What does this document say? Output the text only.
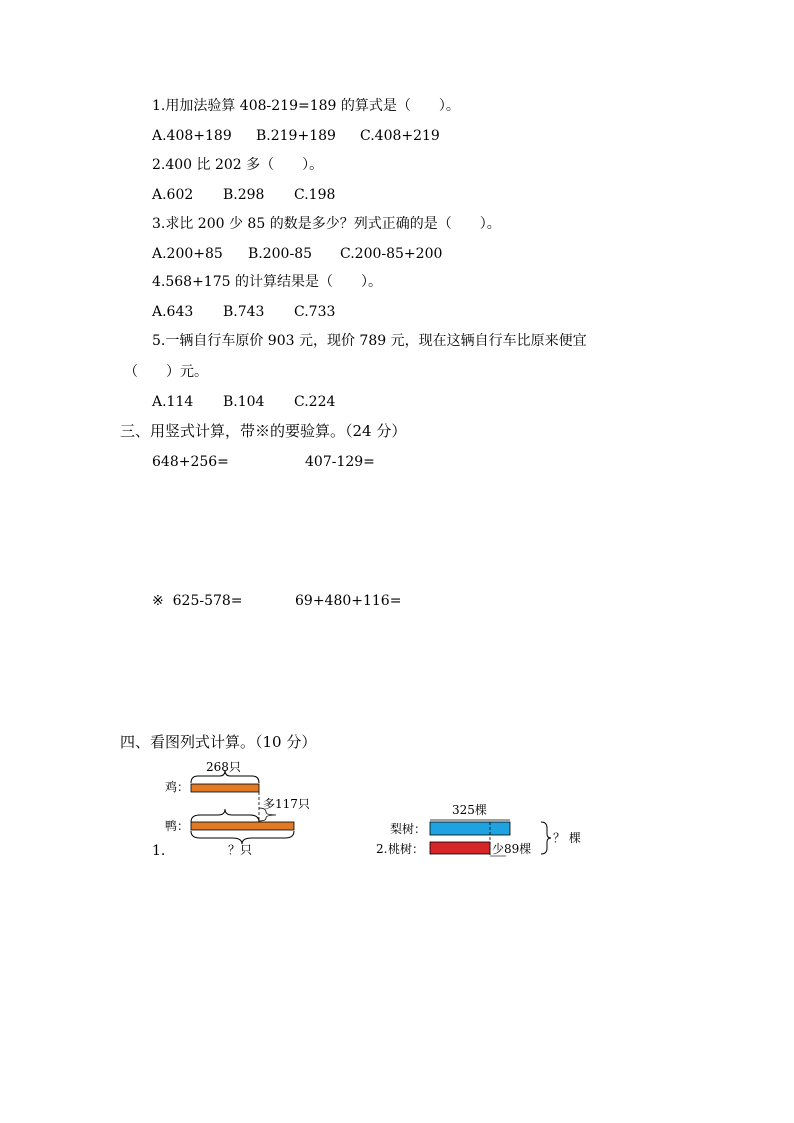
1.用加法验算 408-219=189 的算式是（　　）。
A.408+189 B.219+189 C.408+219
2.400 比 202 多（　　）。
A.602 B.298 C.198
3.求比 200 少 85 的数是多少？列式正确的是（　　）。
A.200+85 B.200-85 C.200-85+200
4.568+175 的计算结果是（　　）。
A.643 B.743 C.733
5.一辆自行车原价 903 元，现价 789 元，现在这辆自行车比原来便宜
（　　）元。
A.114 B.104 C.224
三、用竖式计算，带※的要验算。（24 分）
648+256=	407-129=
※  625-578=	69+480+116=
四、看图列式计算。（10 分）
268只
鸡：
多117只
鸭：
1.	？只
325棵
梨树：
2. 桃树：	少89棵
？ 棵
